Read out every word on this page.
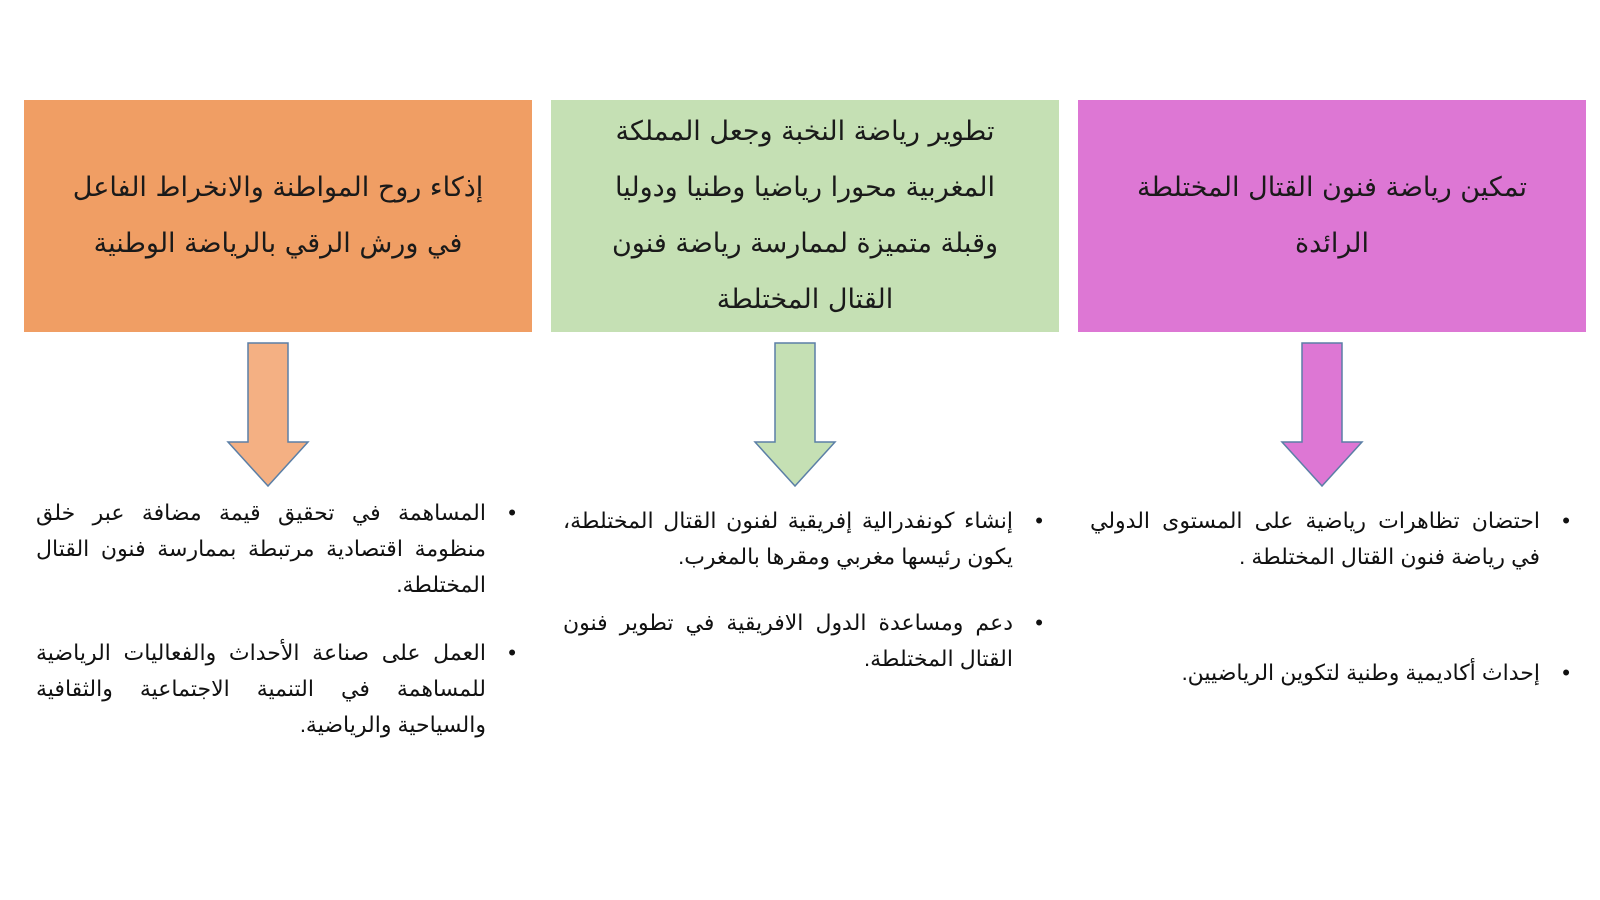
إذكاء روح المواطنة والانخراط الفاعل في ورش الرقي بالرياضة الوطنية
•
المساهمة في تحقيق قيمة مضافة عبر خلق منظومة اقتصادية مرتبطة بممارسة فنون القتال المختلطة.
•
العمل على صناعة الأحداث والفعاليات الرياضية للمساهمة في التنمية الاجتماعية والثقافية والسياحية والرياضية.
تطوير رياضة النخبة وجعل المملكة المغربية محورا رياضيا وطنيا ودوليا وقبلة متميزة لممارسة رياضة فنون القتال المختلطة
•
إنشاء كونفدرالية إفريقية لفنون القتال المختلطة، يكون رئيسها مغربي ومقرها بالمغرب.
•
دعم ومساعدة الدول الافريقية في تطوير فنون القتال المختلطة.
تمكين رياضة فنون القتال المختلطة الرائدة
•
احتضان تظاهرات رياضية على المستوى الدولي في رياضة فنون القتال المختلطة .
•
إحداث أكاديمية وطنية لتكوين الرياضيين.
